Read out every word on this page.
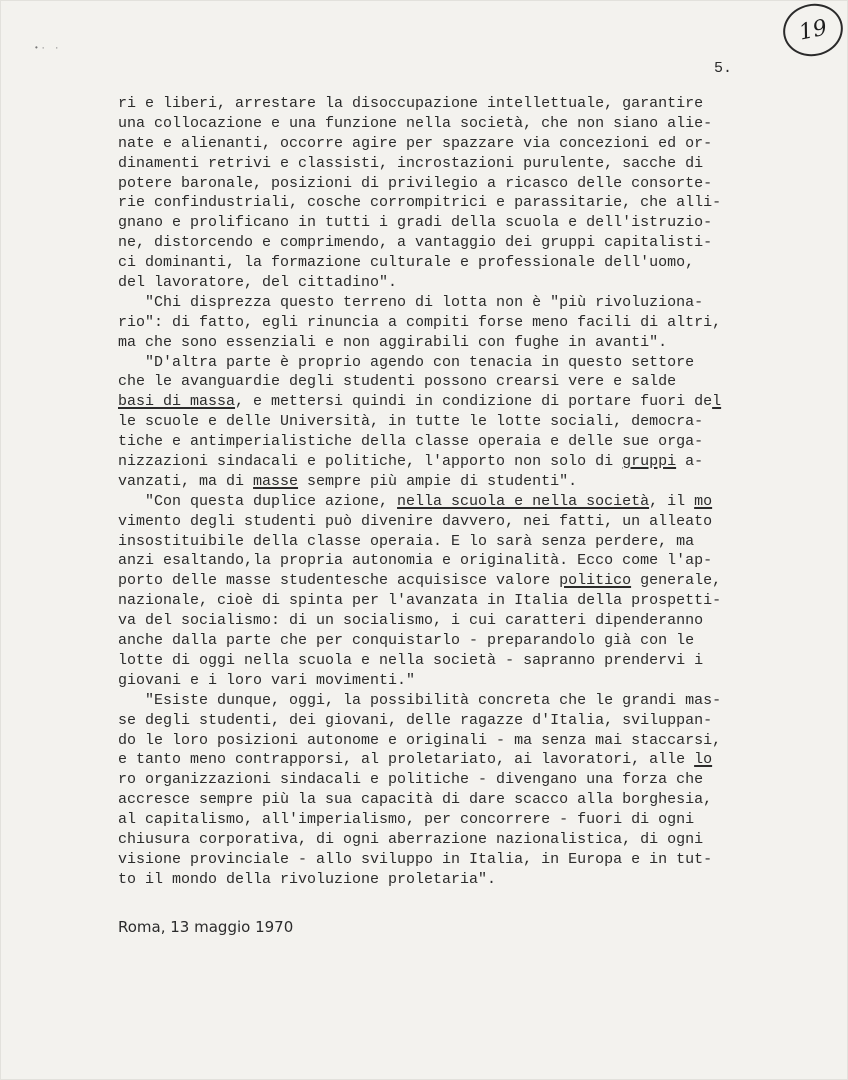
•· ·
19
5.
ri e liberi, arrestare la disoccupazione intellettuale, garantire
una collocazione e una funzione nella società, che non siano alie-
nate e alienanti, occorre agire per spazzare via concezioni ed or-
dinamenti retrivi e classisti, incrostazioni purulente, sacche di
potere baronale, posizioni di privilegio a ricasco delle consorte-
rie confindustriali, cosche corrompitrici e parassitarie, che alli-
gnano e prolificano in tutti i gradi della scuola e dell'istruzio-
ne, distorcendo e comprimendo, a vantaggio dei gruppi capitalisti-
ci dominanti, la formazione culturale e professionale dell'uomo,
del lavoratore, del cittadino".
"Chi disprezza questo terreno di lotta non è "più rivoluziona-
rio": di fatto, egli rinuncia a compiti forse meno facili di altri,
ma che sono essenziali e non aggirabili con fughe in avanti".
"D'altra parte è proprio agendo con tenacia in questo settore
che le avanguardie degli studenti possono crearsi vere e salde
basi di massa, e mettersi quindi in condizione di portare fuori del
le scuole e delle Università, in tutte le lotte sociali, democra-
tiche e antimperialistiche della classe operaia e delle sue orga-
nizzazioni sindacali e politiche, l'apporto non solo di gruppi a-
vanzati, ma di masse sempre più ampie di studenti".
"Con questa duplice azione, nella scuola e nella società, il mo
vimento degli studenti può divenire davvero, nei fatti, un alleato
insostituibile della classe operaia. E lo sarà senza perdere, ma
anzi esaltando,la propria autonomia e originalità. Ecco come l'ap-
porto delle masse studentesche acquisisce valore politico generale,
nazionale, cioè di spinta per l'avanzata in Italia della prospetti-
va del socialismo: di un socialismo, i cui caratteri dipenderanno
anche dalla parte che per conquistarlo - preparandolo già con le
lotte di oggi nella scuola e nella società - sapranno prendervi i
giovani e i loro vari movimenti."
"Esiste dunque, oggi, la possibilità concreta che le grandi mas-
se degli studenti, dei giovani, delle ragazze d'Italia, sviluppan-
do le loro posizioni autonome e originali - ma senza mai staccarsi,
e tanto meno contrapporsi, al proletariato, ai lavoratori, alle lo
ro organizzazioni sindacali e politiche - divengano una forza che
accresce sempre più la sua capacità di dare scacco alla borghesia,
al capitalismo, all'imperialismo, per concorrere - fuori di ogni
chiusura corporativa, di ogni aberrazione nazionalistica, di ogni
visione provinciale - allo sviluppo in Italia, in Europa e in tut-
to il mondo della rivoluzione proletaria".
Roma, 13 maggio 1970
